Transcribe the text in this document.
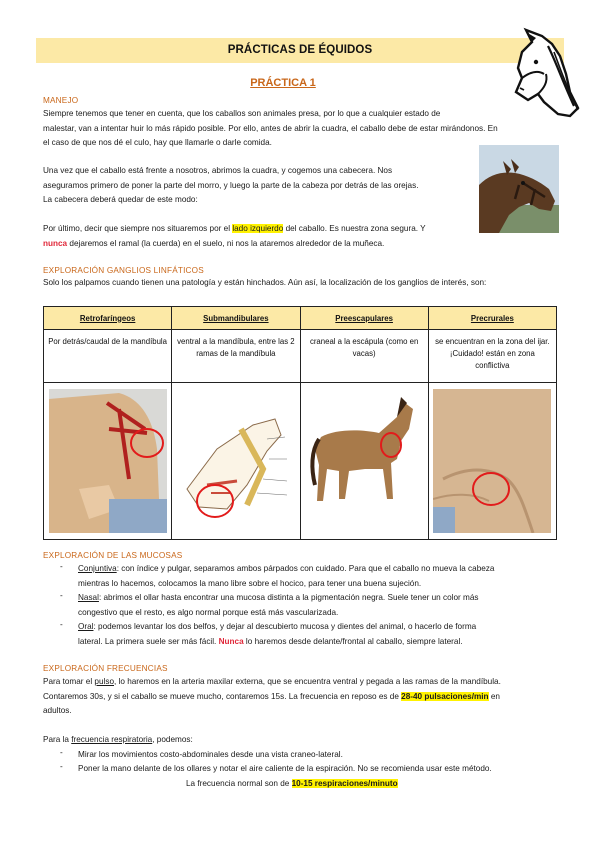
PRÁCTICAS DE ÉQUIDOS
PRÁCTICA 1
MANEJO
Siempre tenemos que tener en cuenta, que los caballos son animales presa, por lo que a cualquier estado de
malestar, van a intentar huir lo más rápido posible. Por ello, antes de abrir la cuadra, el caballo debe de estar mirándonos. En
el caso de que nos dé el culo, hay que llamarle o darle comida.
Una vez que el caballo está frente a nosotros, abrimos la cuadra, y cogemos una cabecera. Nos
aseguramos primero de poner la parte del morro, y luego la parte de la cabeza por detrás de las orejas.
La cabecera deberá quedar de este modo:
Por último, decir que siempre nos situaremos por el lado izquierdo del caballo. Es nuestra zona segura. Y
nunca dejaremos el ramal (la cuerda) en el suelo, ni nos la ataremos alrededor de la muñeca.
EXPLORACIÓN GANGLIOS LINFÁTICOS
Solo los palpamos cuando tienen una patología y están hinchados. Aún así, la localización de los ganglios de interés, son:
Retrofaríngeos	Submandibulares	Preescapulares	Precrurales
Por detrás/caudal de la mandíbula	ventral a la mandíbula, entre las 2 ramas de la mandíbula	craneal a la escápula (como en vacas)	se encuentran en la zona del ijar. ¡Cuidado! están en zona conflictiva

EXPLORACIÓN DE LAS MUCOSAS
- Conjuntiva: con índice y pulgar, separamos ambos párpados con cuidado. Para que el caballo no mueva la cabeza
mientras lo hacemos, colocamos la mano libre sobre el hocico, para tener una buena sujeción.
- Nasal: abrimos el ollar hasta encontrar una mucosa distinta a la pigmentación negra. Suele tener un color más
congestivo que el resto, es algo normal porque está más vascularizada.
- Oral: podemos levantar los dos belfos, y dejar al descubierto mucosa y dientes del animal, o hacerlo de forma
lateral. La primera suele ser más fácil. Nunca lo haremos desde delante/frontal al caballo, siempre lateral.
EXPLORACIÓN FRECUENCIAS
Para tomar el pulso, lo haremos en la arteria maxilar externa, que se encuentra ventral y pegada a las ramas de la mandíbula.
Contaremos 30s, y si el caballo se mueve mucho, contaremos 15s. La frecuencia en reposo es de 28-40 pulsaciones/min en
adultos.
Para la frecuencia respiratoria, podemos:
- Mirar los movimientos costo-abdominales desde una vista craneo-lateral.
- Poner la mano delante de los ollares y notar el aire caliente de la espiración. No se recomienda usar este método.
La frecuencia normal son de 10-15 respiraciones/minuto
